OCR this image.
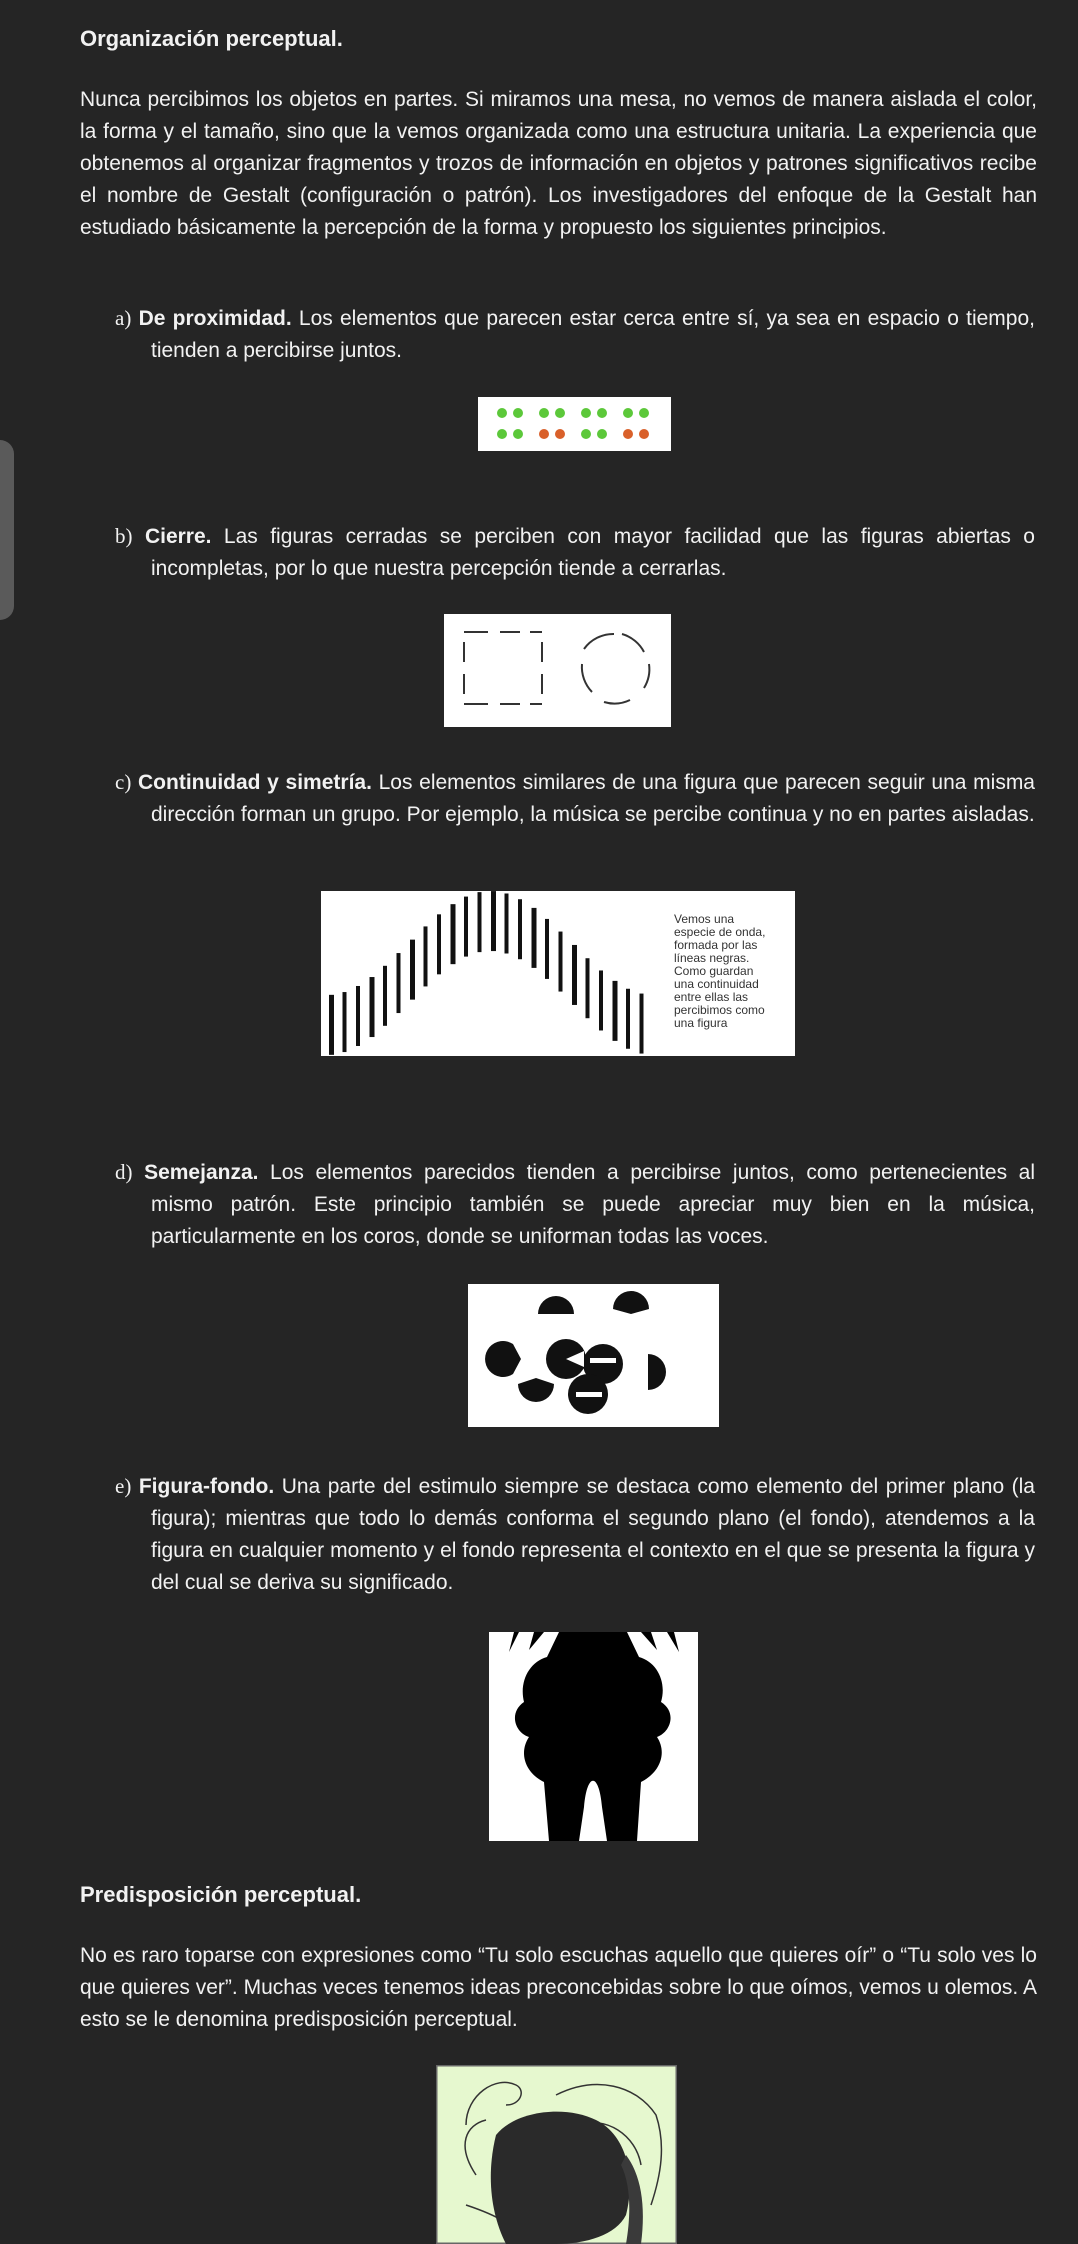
Organización perceptual.

Nunca percibimos los objetos en partes. Si miramos una mesa, no vemos de manera aislada el color, la forma y el tamaño, sino que la vemos organizada como una estructura unitaria. La experiencia que obtenemos al organizar fragmentos y trozos de información en objetos y patrones significativos recibe el nombre de Gestalt (configuración o patrón). Los investigadores del enfoque de la Gestalt han estudiado básicamente la percepción de la forma y propuesto los siguientes principios.

a) De proximidad. Los elementos que parecen estar cerca entre sí, ya sea en espacio o tiempo, tienden a percibirse juntos.

b) Cierre. Las figuras cerradas se perciben con mayor facilidad que las figuras abiertas o incompletas, por lo que nuestra percepción tiende a cerrarlas.

c) Continuidad y simetría. Los elementos similares de una figura que parecen seguir una misma dirección forman un grupo. Por ejemplo, la música se percibe continua y no en partes aisladas.

Vemos una
especie de onda,
formada por las
líneas negras.
Como guardan
una continuidad
entre ellas las
percibimos como
una figura

d) Semejanza. Los elementos parecidos tienden a percibirse juntos, como pertenecientes al mismo patrón. Este principio también se puede apreciar muy bien en la música, particularmente en los coros, donde se uniforman todas las voces.

e) Figura-fondo. Una parte del estimulo siempre se destaca como elemento del primer plano (la figura); mientras que todo lo demás conforma el segundo plano (el fondo), atendemos a la figura en cualquier momento y el fondo representa el contexto en el que se presenta la figura y del cual se deriva su significado.

Predisposición perceptual.

No es raro toparse con expresiones como “Tu solo escuchas aquello que quieres oír” o “Tu solo ves lo que quieres ver”. Muchas veces tenemos ideas preconcebidas sobre lo que oímos, vemos u olemos. A esto se le denomina predisposición perceptual.
